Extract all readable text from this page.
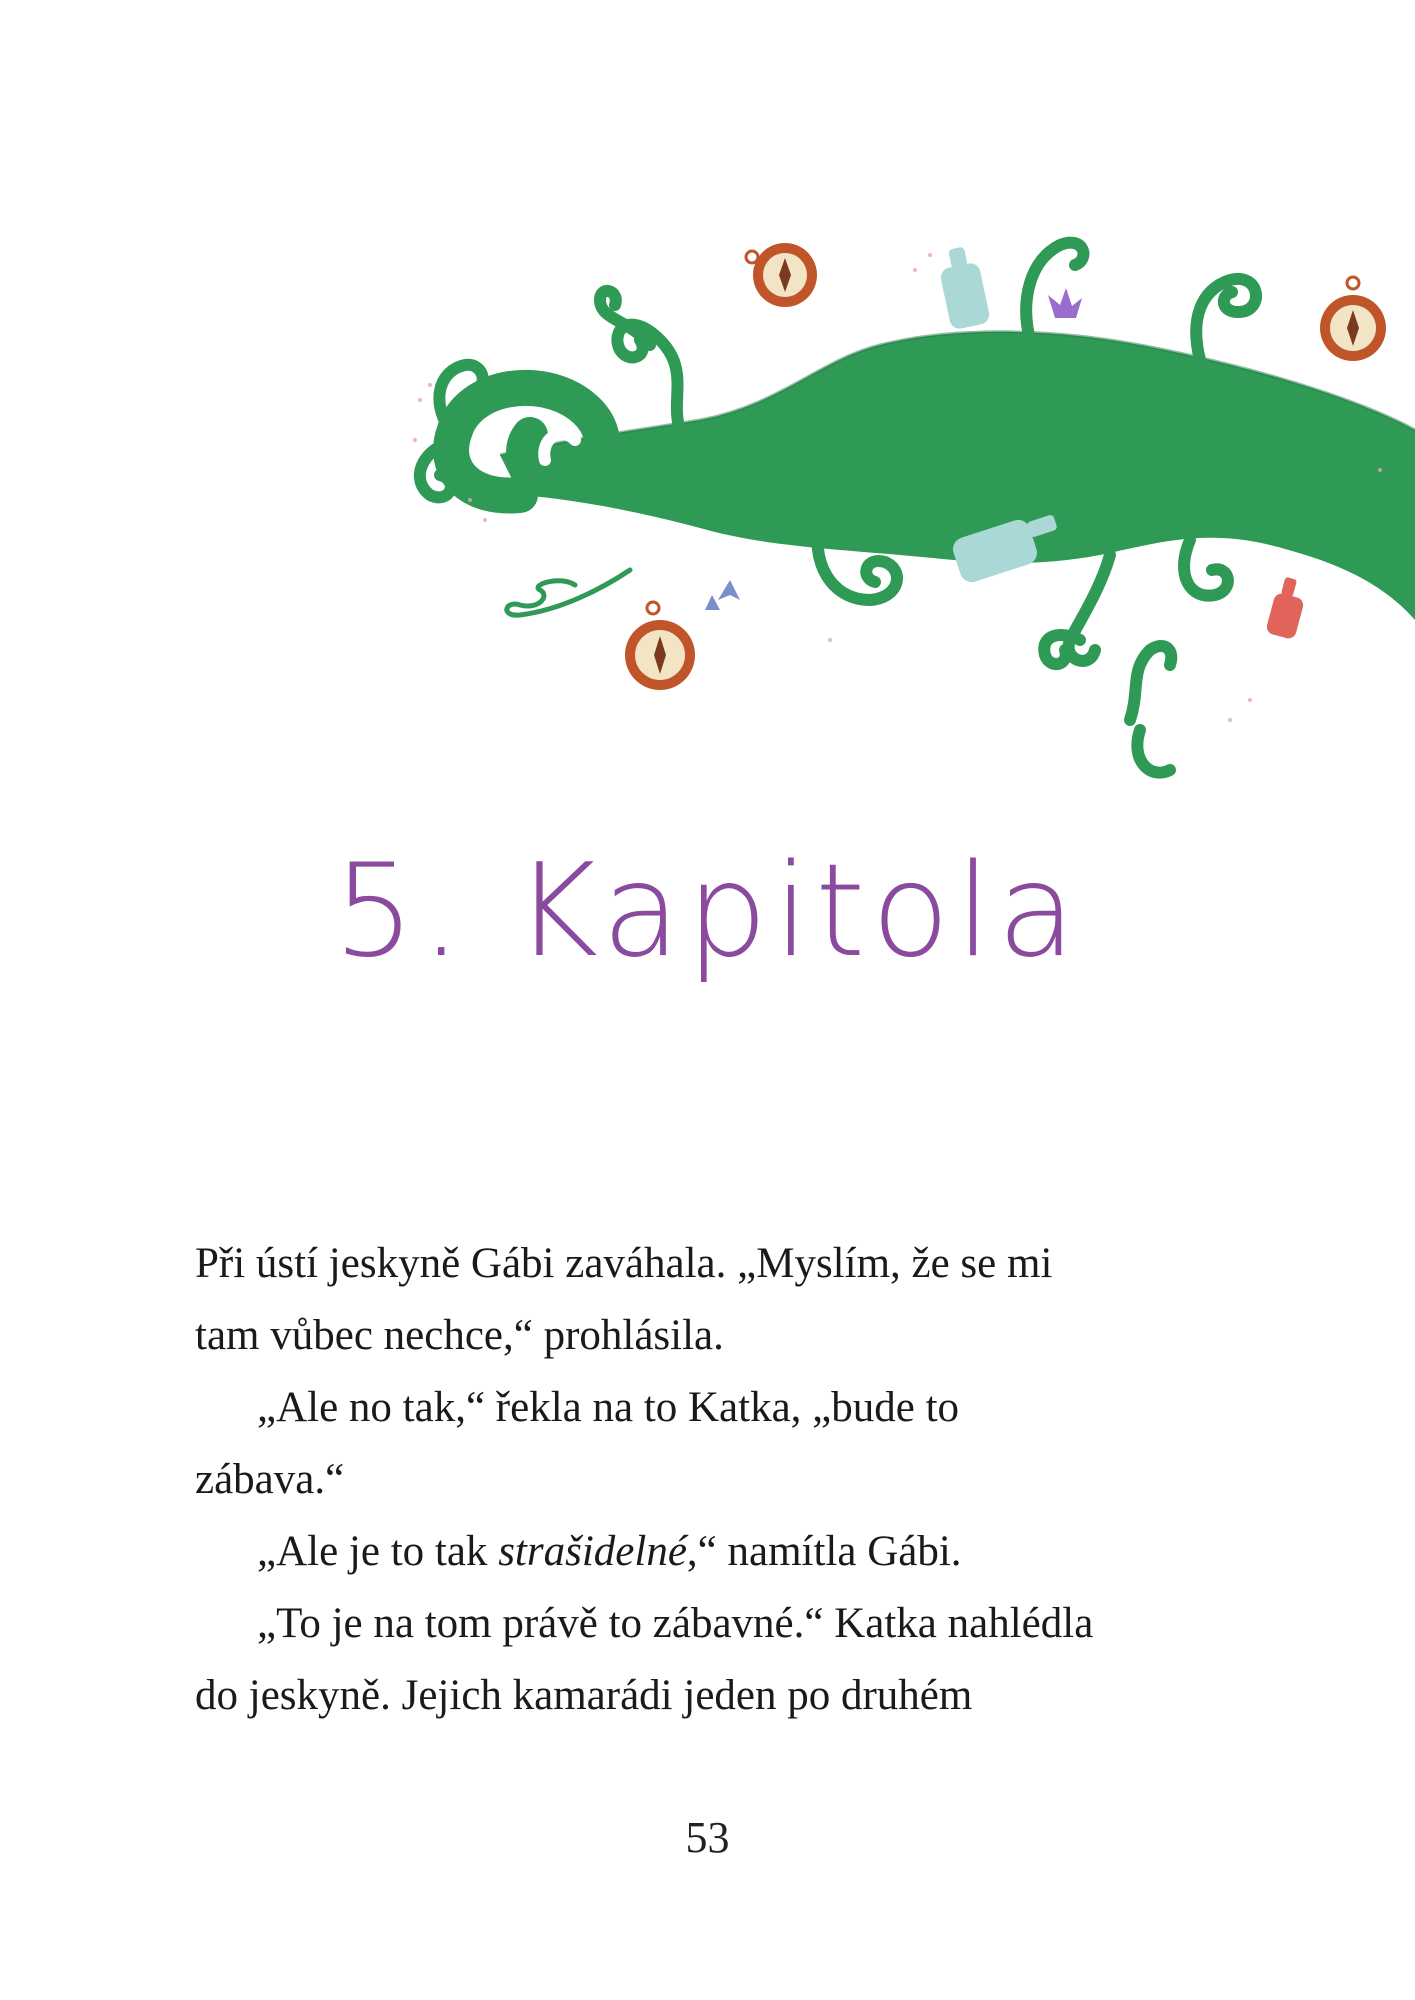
5. Kapitola

Při ústí jeskyně Gábi zaváhala. „Myslím, že se mi

tam vůbec nechce,“ prohlásila.

„Ale no tak,“ řekla na to Katka, „bude to

zábava.“

„Ale je to tak strašidelné,“ namítla Gábi.

„To je na tom právě to zábavné.“ Katka nahlédla

do jeskyně. Jejich kamarádi jeden po druhém

53
